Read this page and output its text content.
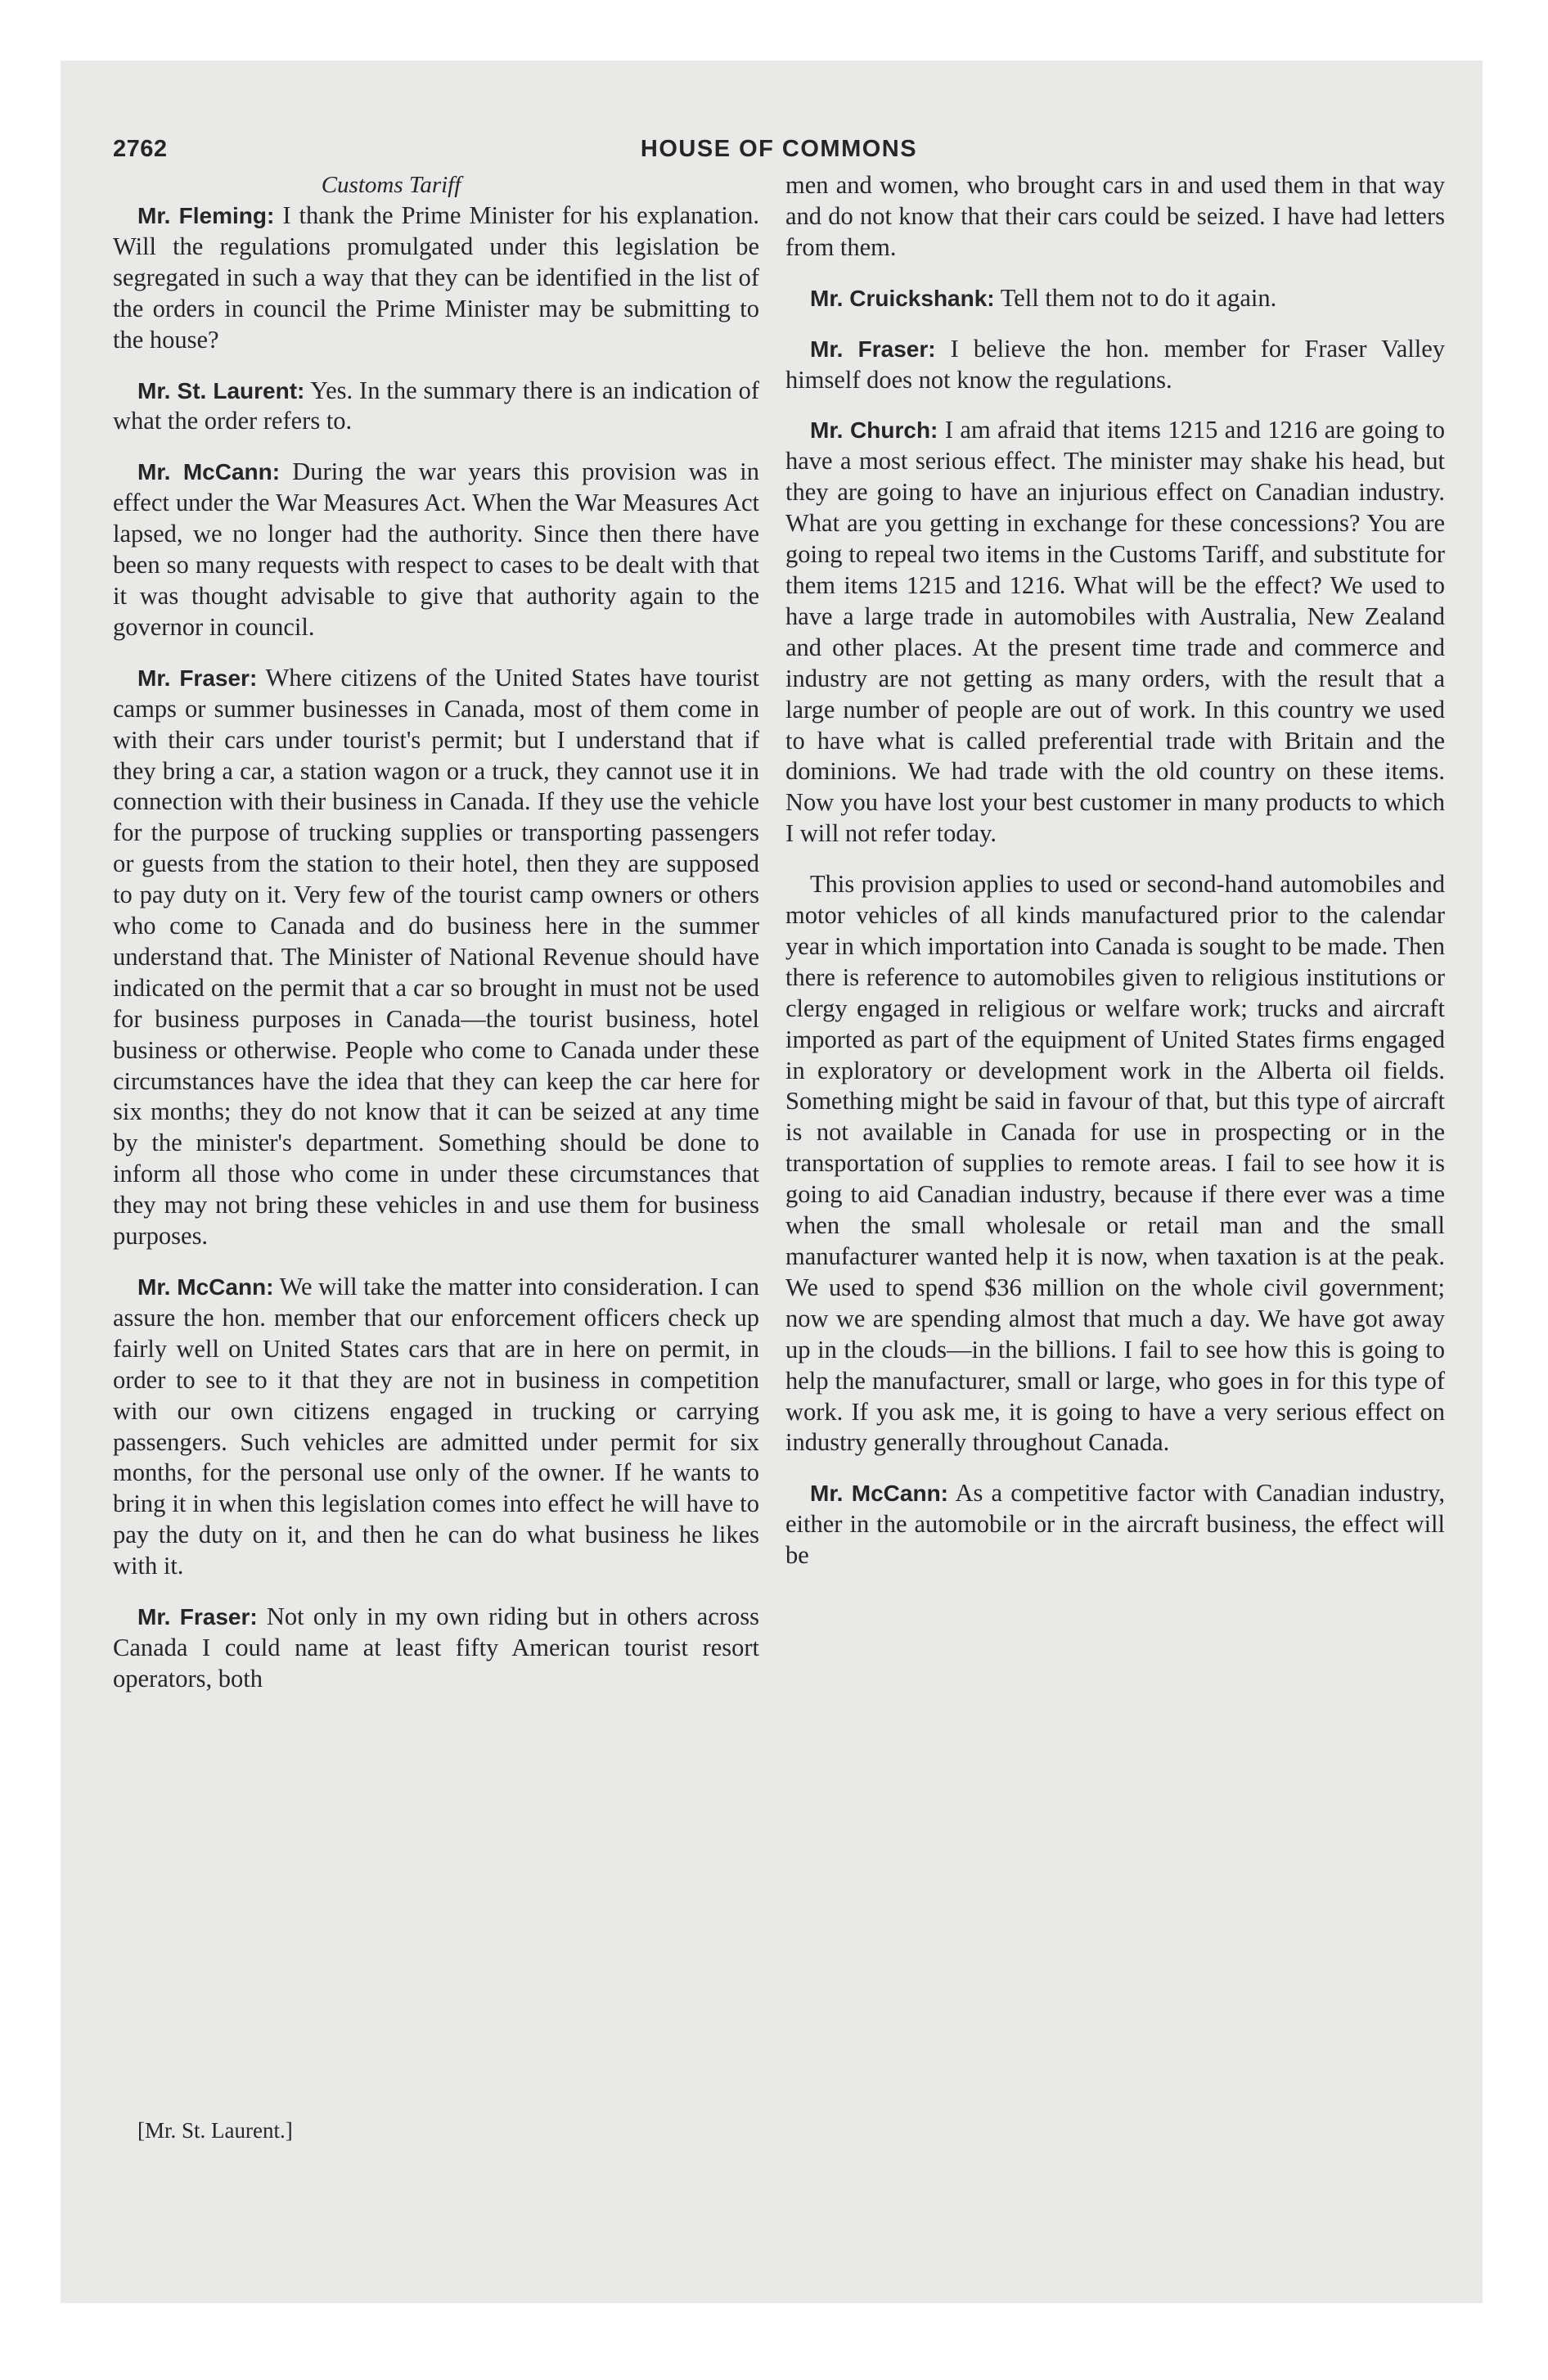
2762	HOUSE OF COMMONS
Customs Tariff

Mr. Fleming: I thank the Prime Minister for his explanation. Will the regulations promulgated under this legislation be segregated in such a way that they can be identified in the list of the orders in council the Prime Minister may be submitting to the house?

Mr. St. Laurent: Yes. In the summary there is an indication of what the order refers to.

Mr. McCann: During the war years this provision was in effect under the War Measures Act. When the War Measures Act lapsed, we no longer had the authority. Since then there have been so many requests with respect to cases to be dealt with that it was thought advisable to give that authority again to the governor in council.

Mr. Fraser: Where citizens of the United States have tourist camps or summer businesses in Canada, most of them come in with their cars under tourist's permit; but I understand that if they bring a car, a station wagon or a truck, they cannot use it in connection with their business in Canada. If they use the vehicle for the purpose of trucking supplies or transporting passengers or guests from the station to their hotel, then they are supposed to pay duty on it. Very few of the tourist camp owners or others who come to Canada and do business here in the summer understand that. The Minister of National Revenue should have indicated on the permit that a car so brought in must not be used for business purposes in Canada—the tourist business, hotel business or otherwise. People who come to Canada under these circumstances have the idea that they can keep the car here for six months; they do not know that it can be seized at any time by the minister's department. Something should be done to inform all those who come in under these circumstances that they may not bring these vehicles in and use them for business purposes.

Mr. McCann: We will take the matter into consideration. I can assure the hon. member that our enforcement officers check up fairly well on United States cars that are in here on permit, in order to see to it that they are not in business in competition with our own citizens engaged in trucking or carrying passengers. Such vehicles are admitted under permit for six months, for the personal use only of the owner. If he wants to bring it in when this legislation comes into effect he will have to pay the duty on it, and then he can do what business he likes with it.

Mr. Fraser: Not only in my own riding but in others across Canada I could name at least fifty American tourist resort operators, both

men and women, who brought cars in and used them in that way and do not know that their cars could be seized. I have had letters from them.

Mr. Cruickshank: Tell them not to do it again.

Mr. Fraser: I believe the hon. member for Fraser Valley himself does not know the regulations.

Mr. Church: I am afraid that items 1215 and 1216 are going to have a most serious effect. The minister may shake his head, but they are going to have an injurious effect on Canadian industry. What are you getting in exchange for these concessions? You are going to repeal two items in the Customs Tariff, and substitute for them items 1215 and 1216. What will be the effect? We used to have a large trade in automobiles with Australia, New Zealand and other places. At the present time trade and commerce and industry are not getting as many orders, with the result that a large number of people are out of work. In this country we used to have what is called preferential trade with Britain and the dominions. We had trade with the old country on these items. Now you have lost your best customer in many products to which I will not refer today.

This provision applies to used or second-hand automobiles and motor vehicles of all kinds manufactured prior to the calendar year in which importation into Canada is sought to be made. Then there is reference to automobiles given to religious institutions or clergy engaged in religious or welfare work; trucks and aircraft imported as part of the equipment of United States firms engaged in exploratory or development work in the Alberta oil fields. Something might be said in favour of that, but this type of aircraft is not available in Canada for use in prospecting or in the transportation of supplies to remote areas. I fail to see how it is going to aid Canadian industry, because if there ever was a time when the small wholesale or retail man and the small manufacturer wanted help it is now, when taxation is at the peak. We used to spend $36 million on the whole civil government; now we are spending almost that much a day. We have got away up in the clouds—in the billions. I fail to see how this is going to help the manufacturer, small or large, who goes in for this type of work. If you ask me, it is going to have a very serious effect on industry generally throughout Canada.

Mr. McCann: As a competitive factor with Canadian industry, either in the automobile or in the aircraft business, the effect will be

[Mr. St. Laurent.]
